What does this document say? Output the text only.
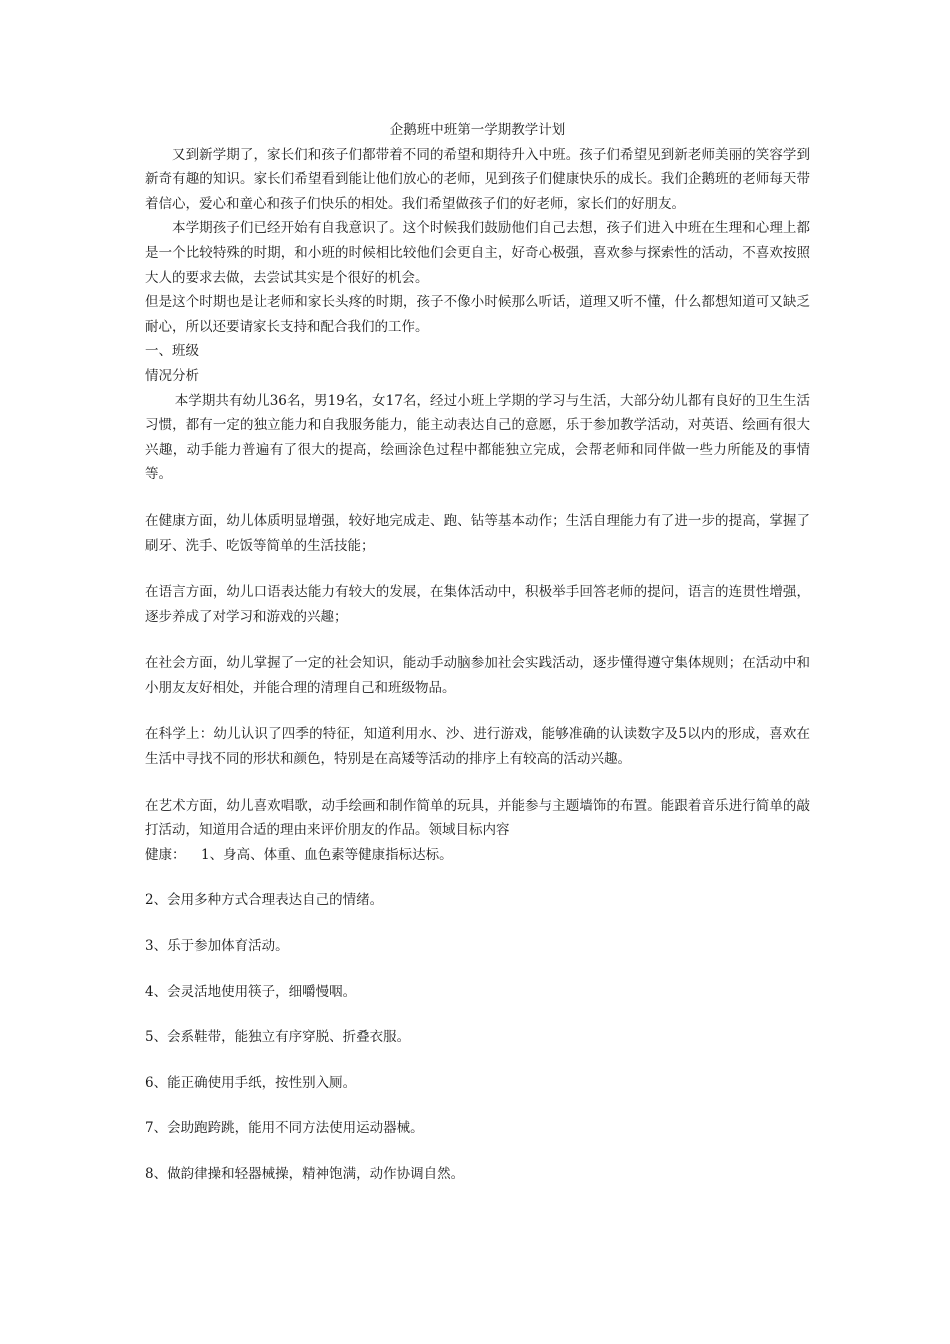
企鹅班中班第一学期教学计划

又到新学期了，家长们和孩子们都带着不同的希望和期待升入中班。孩子们希望见到新老师美丽的笑容学到新奇有趣的知识。家长们希望看到能让他们放心的老师，见到孩子们健康快乐的成长。我们企鹅班的老师每天带着信心，爱心和童心和孩子们快乐的相处。我们希望做孩子们的好老师，家长们的好朋友。

本学期孩子们已经开始有自我意识了。这个时候我们鼓励他们自己去想，孩子们进入中班在生理和心理上都是一个比较特殊的时期，和小班的时候相比较他们会更自主，好奇心极强，喜欢参与探索性的活动，不喜欢按照大人的要求去做，去尝试其实是个很好的机会。

但是这个时期也是让老师和家长头疼的时期，孩子不像小时候那么听话，道理又听不懂，什么都想知道可又缺乏耐心，所以还要请家长支持和配合我们的工作。

一、班级

情况分析

本学期共有幼儿36名，男19名，女17名，经过小班上学期的学习与生活，大部分幼儿都有良好的卫生生活习惯，都有一定的独立能力和自我服务能力，能主动表达自己的意愿，乐于参加教学活动，对英语、绘画有很大兴趣，动手能力普遍有了很大的提高，绘画涂色过程中都能独立完成，会帮老师和同伴做一些力所能及的事情等。

在健康方面，幼儿体质明显增强，较好地完成走、跑、钻等基本动作；生活自理能力有了进一步的提高，掌握了刷牙、洗手、吃饭等简单的生活技能；

在语言方面，幼儿口语表达能力有较大的发展，在集体活动中，积极举手回答老师的提问，语言的连贯性增强，逐步养成了对学习和游戏的兴趣；

在社会方面，幼儿掌握了一定的社会知识，能动手动脑参加社会实践活动，逐步懂得遵守集体规则；在活动中和小朋友友好相处，并能合理的清理自己和班级物品。

在科学上：幼儿认识了四季的特征，知道利用水、沙、进行游戏，能够准确的认读数字及5以内的形成，喜欢在生活中寻找不同的形状和颜色，特别是在高矮等活动的排序上有较高的活动兴趣。

在艺术方面，幼儿喜欢唱歌，动手绘画和制作简单的玩具，并能参与主题墙饰的布置。能跟着音乐进行简单的敲打活动，知道用合适的理由来评价朋友的作品。领域目标内容

健康： 1、身高、体重、血色素等健康指标达标。

2、会用多种方式合理表达自己的情绪。

3、乐于参加体育活动。

4、会灵活地使用筷子，细嚼慢咽。

5、会系鞋带，能独立有序穿脱、折叠衣服。

6、能正确使用手纸，按性别入厕。

7、会助跑跨跳，能用不同方法使用运动器械。

8、做韵律操和轻器械操，精神饱满，动作协调自然。
